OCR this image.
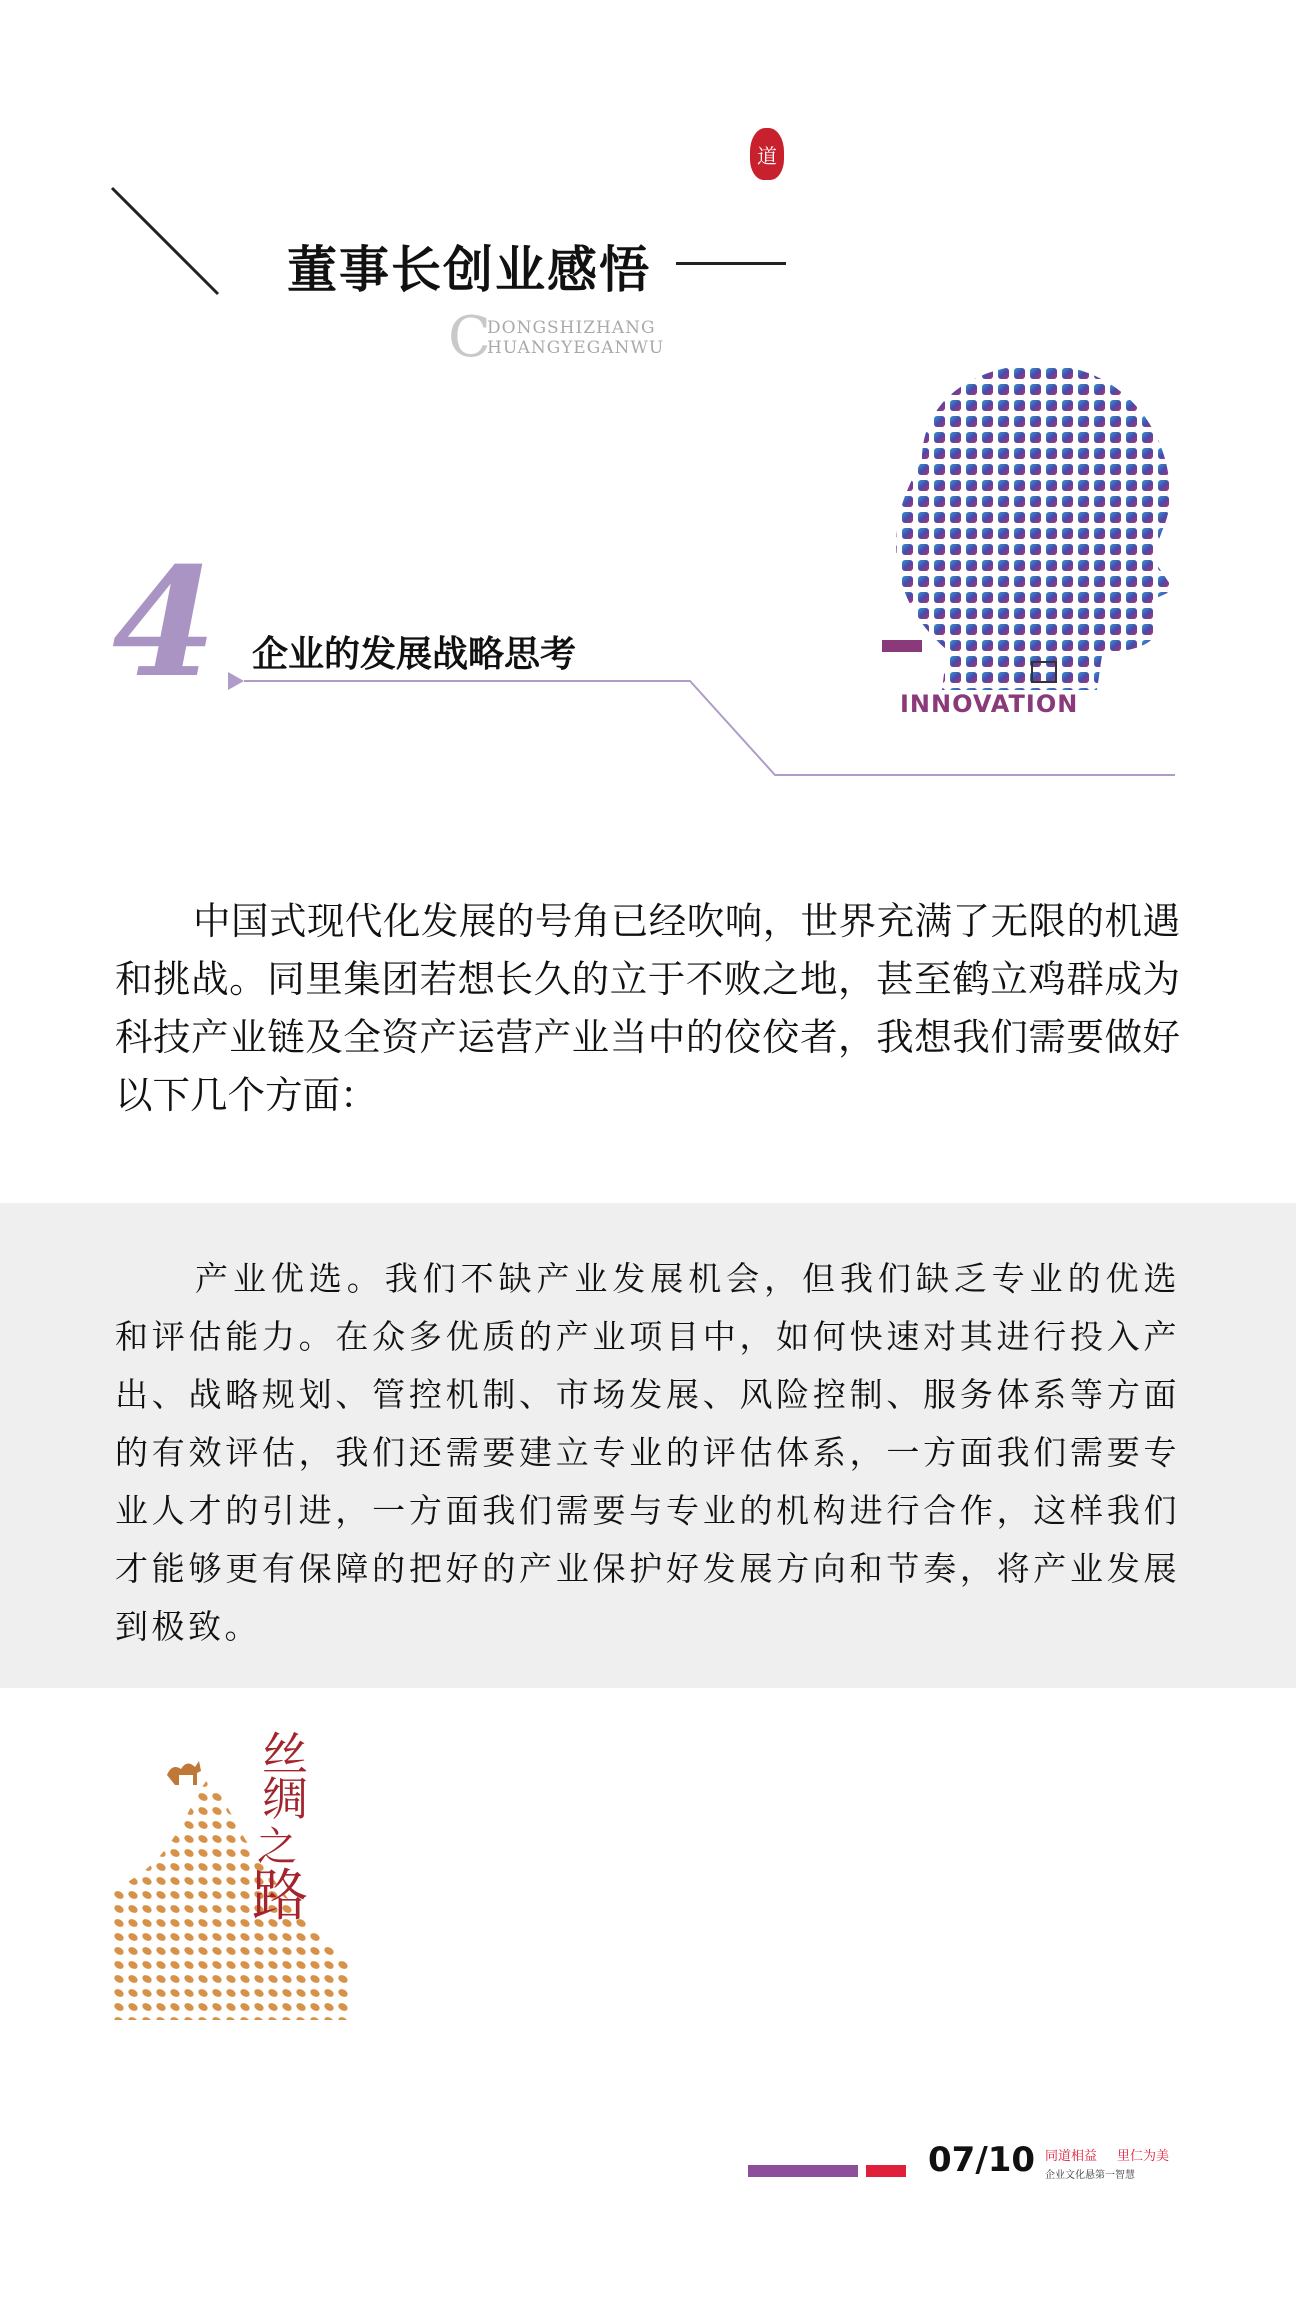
道
董事长创业感悟
C
DONGSHIZHANG
HUANGYEGANWU
INNOVATION
4 企业的发展战略思考
中国式现代化发展的号角已经吹响，世界充满了无限的机遇和挑战。同里集团若想长久的立于不败之地，甚至鹤立鸡群成为科技产业链及全资产运营产业当中的佼佼者，我想我们需要做好以下几个方面：
产业优选。我们不缺产业发展机会，但我们缺乏专业的优选和评估能力。在众多优质的产业项目中，如何快速对其进行投入产出、战略规划、管控机制、市场发展、风险控制、服务体系等方面的有效评估，我们还需要建立专业的评估体系，一方面我们需要专业人才的引进，一方面我们需要与专业的机构进行合作，这样我们才能够更有保障的把好的产业保护好发展方向和节奏，将产业发展到极致。
丝
绸
之
路
07/10 同道相益 里仁为美
企业文化悬第一智慧
